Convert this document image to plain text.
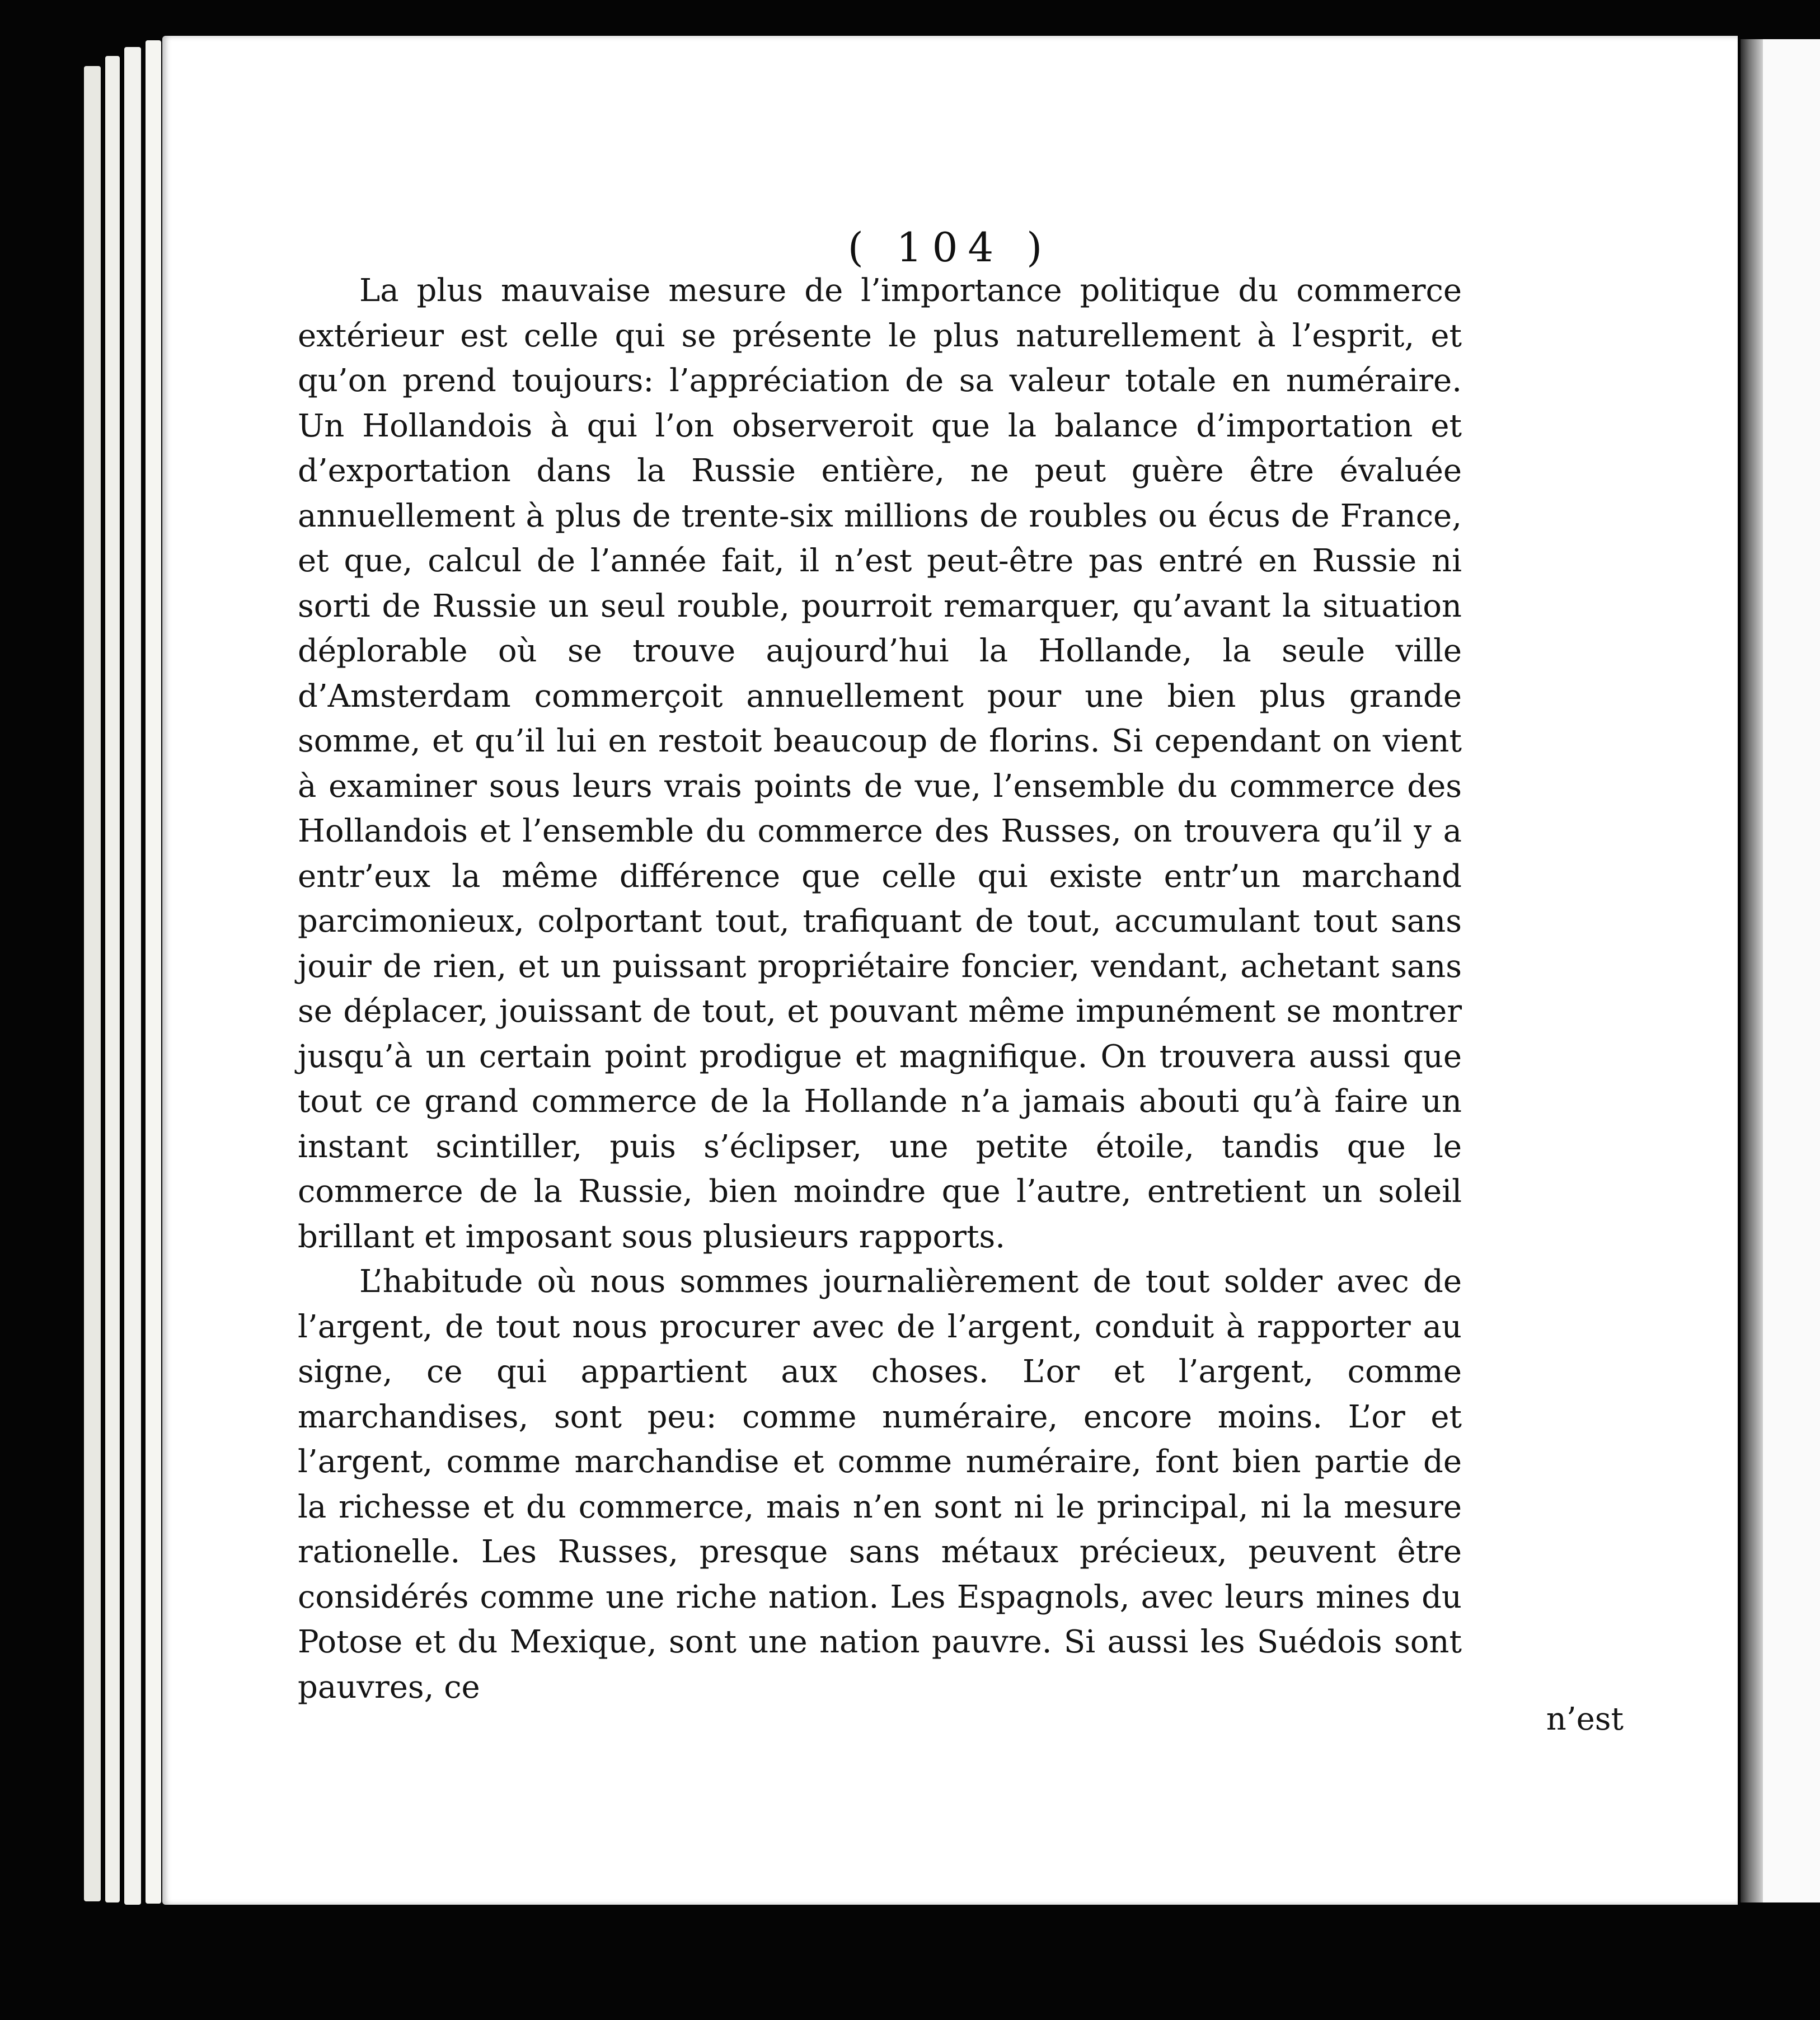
( 104 )

La plus mauvaise mesure de l’importance politique du commerce extérieur est celle qui se présente le plus naturellement à l’esprit, et qu’on prend toujours: l’appréciation de sa valeur totale en numéraire. Un Hollandois à qui l’on observeroit que la balance d’importation et d’exportation dans la Russie entière, ne peut guère être évaluée annuellement à plus de trente-six millions de roubles ou écus de France, et que, calcul de l’année fait, il n’est peut-être pas entré en Russie ni sorti de Russie un seul rouble, pourroit remarquer, qu’avant la situation déplorable où se trouve aujourd’hui la Hollande, la seule ville d’Amsterdam commerçoit annuellement pour une bien plus grande somme, et qu’il lui en restoit beaucoup de florins. Si cependant on vient à examiner sous leurs vrais points de vue, l’ensemble du commerce des Hollandois et l’ensemble du commerce des Russes, on trouvera qu’il y a entr’eux la même différence que celle qui existe entr’un marchand parcimonieux, colportant tout, trafiquant de tout, accumulant tout sans jouir de rien, et un puissant propriétaire foncier, vendant, achetant sans se déplacer, jouissant de tout, et pouvant même impunément se montrer jusqu’à un certain point prodigue et magnifique. On trouvera aussi que tout ce grand commerce de la Hollande n’a jamais abouti qu’à faire un instant scintiller, puis s’éclipser, une petite étoile, tandis que le commerce de la Russie, bien moindre que l’autre, entretient un soleil brillant et imposant sous plusieurs rapports.

L’habitude où nous sommes journalièrement de tout solder avec de l’argent, de tout nous procurer avec de l’argent, conduit à rapporter au signe, ce qui appartient aux choses. L’or et l’argent, comme marchandises, sont peu: comme numéraire, encore moins. L’or et l’argent, comme marchandise et comme numéraire, font bien partie de la richesse et du commerce, mais n’en sont ni le principal, ni la mesure rationelle. Les Russes, presque sans métaux précieux, peuvent être considérés comme une riche nation. Les Espagnols, avec leurs mines du Potose et du Mexique, sont une nation pauvre. Si aussi les Suédois sont pauvres, ce

n’est
